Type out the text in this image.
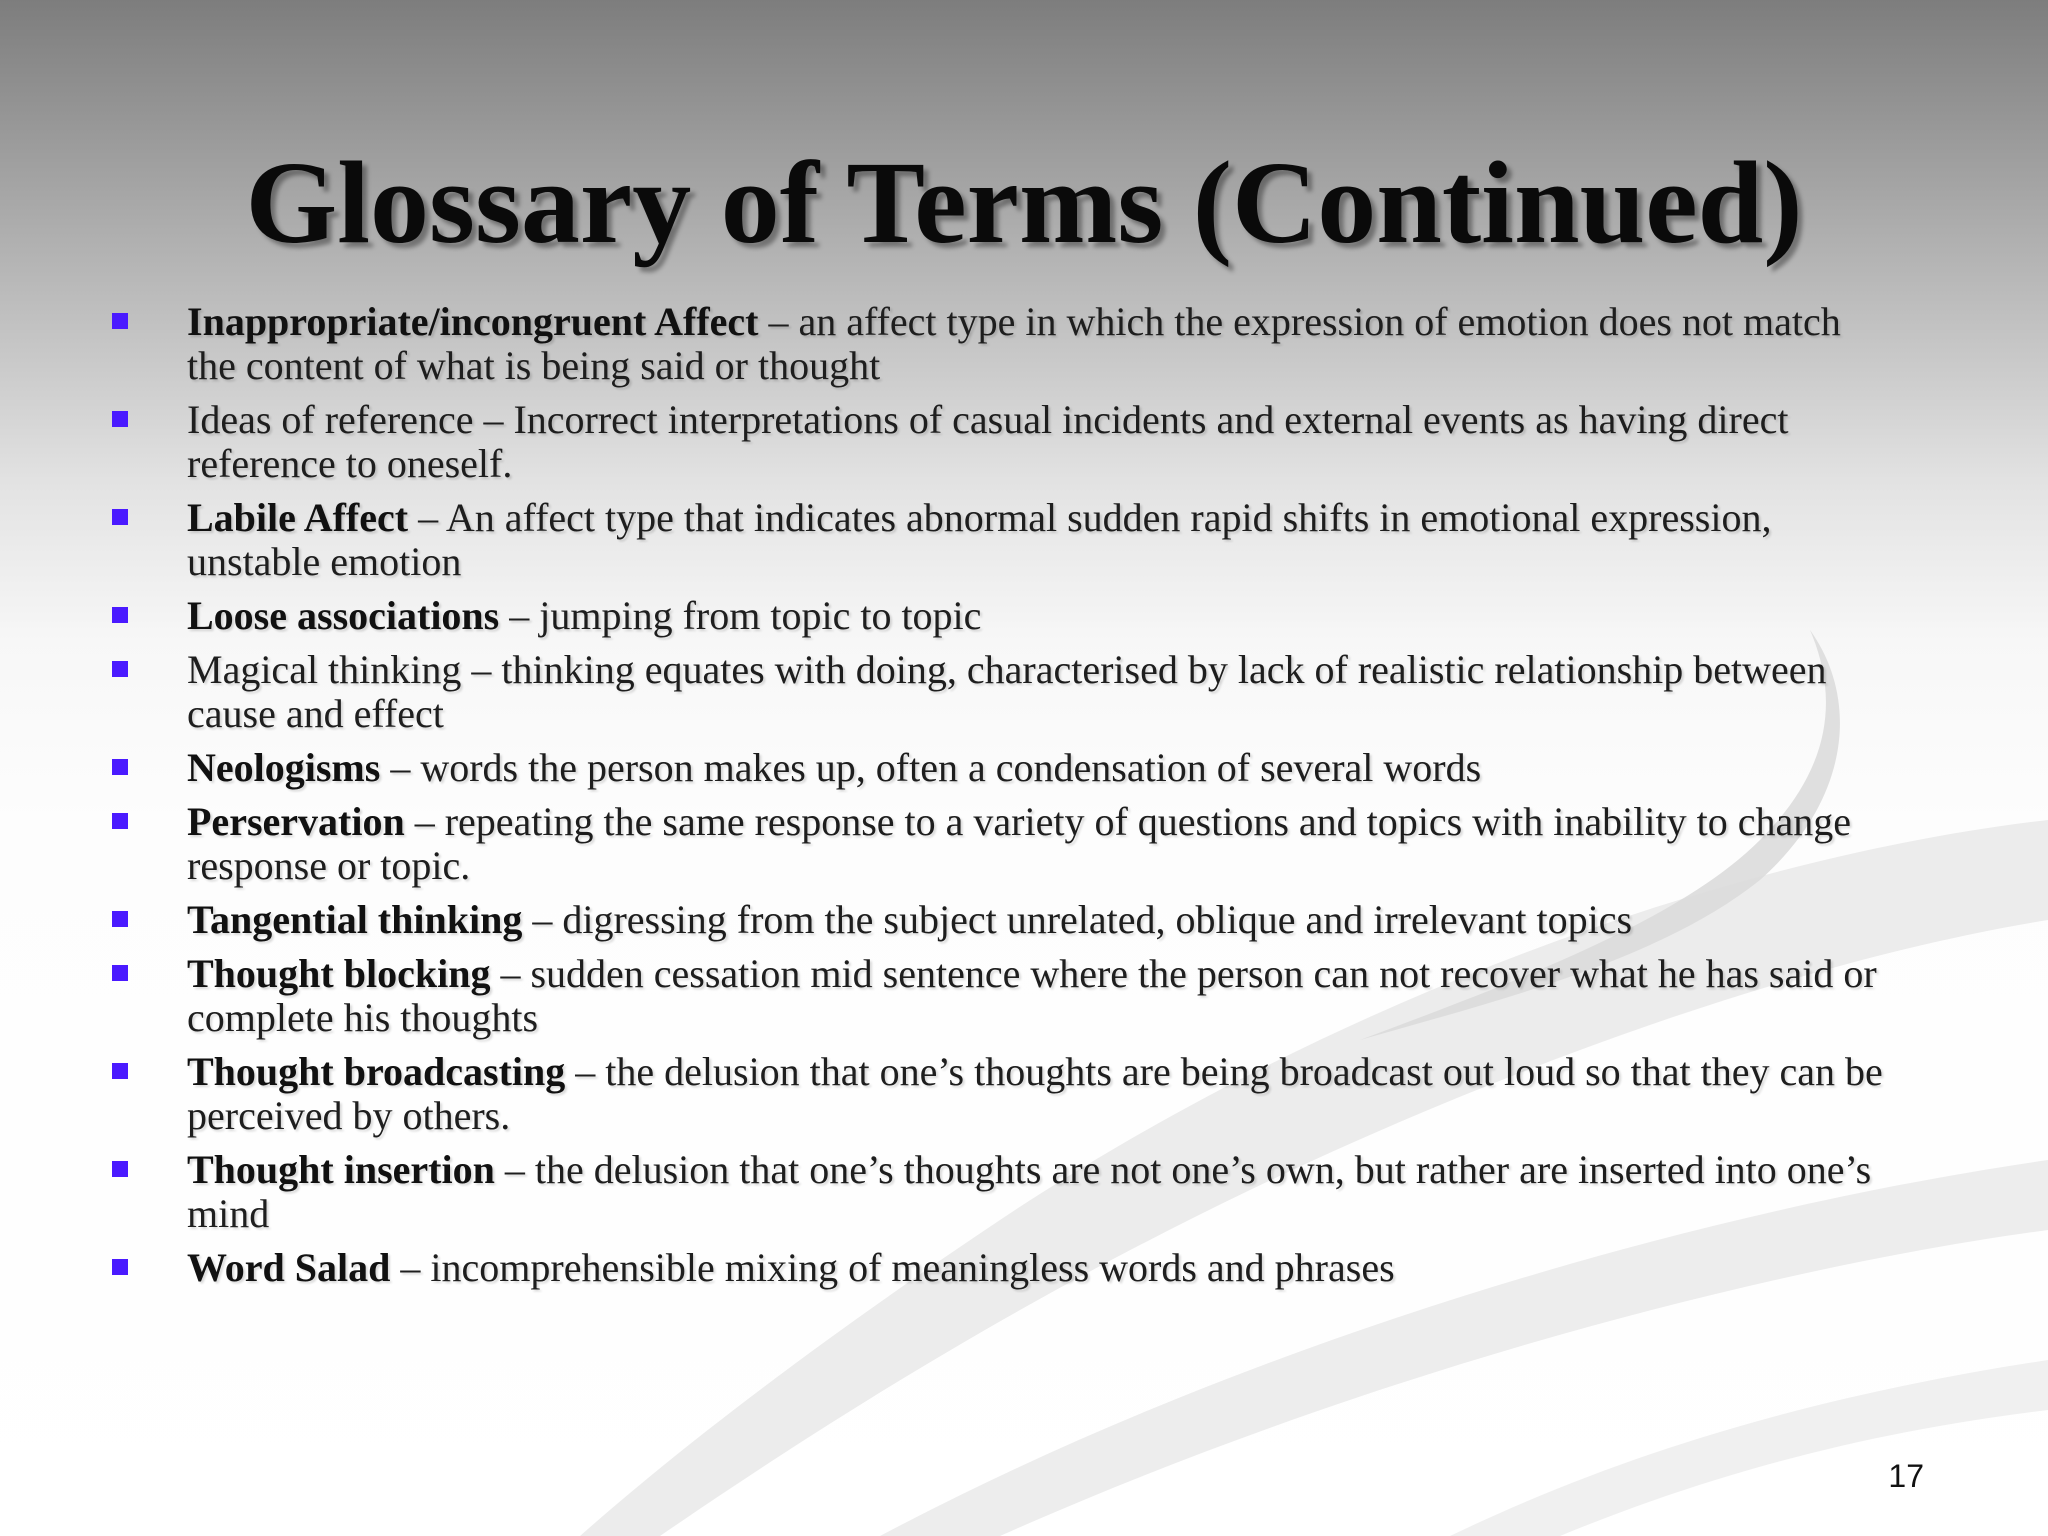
Glossary of Terms (Continued)
Inappropriate/incongruent Affect – an affect type in which the expression of emotion does not match the content of what is being said or thought
Ideas of reference – Incorrect interpretations of casual incidents and external events as having direct reference to oneself.
Labile Affect – An affect type that indicates abnormal sudden rapid shifts in emotional expression, unstable emotion
Loose associations – jumping from topic to topic
Magical thinking – thinking equates with doing, characterised by lack of realistic relationship between cause and effect
Neologisms – words the person makes up, often a condensation of several words
Perservation – repeating the same response to a variety of questions and topics with inability to change response or topic.
Tangential thinking – digressing from the subject unrelated, oblique and irrelevant topics
Thought blocking – sudden cessation mid sentence where the person can not recover what he has said or complete his thoughts
Thought broadcasting – the delusion that one’s thoughts are being broadcast out loud so that they can be perceived by others.
Thought insertion – the delusion that one’s thoughts are not one’s own, but rather are inserted into one’s mind
Word Salad – incomprehensible mixing of meaningless words and phrases
17
